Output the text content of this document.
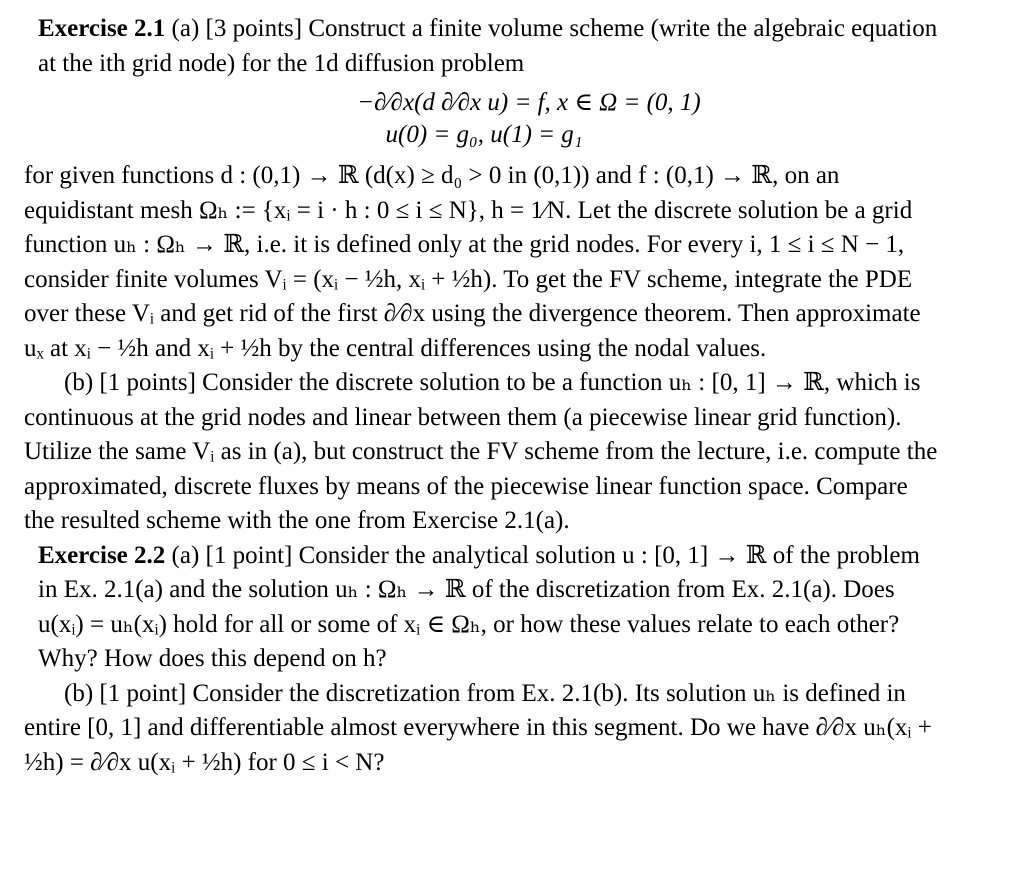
Exercise 2.1 (a) [3 points] Construct a finite volume scheme (write the algebraic equation at the ith grid node) for the 1d diffusion problem

−∂⁄∂x(d ∂⁄∂x u) = f, x ∈ Ω = (0, 1)
u(0) = g₀, u(1) = g₁

for given functions d : (0,1) → ℝ (d(x) ≥ d₀ > 0 in (0,1)) and f : (0,1) → ℝ, on an equidistant mesh Ωₕ := {xᵢ = i · h : 0 ≤ i ≤ N}, h = 1⁄N. Let the discrete solution be a grid function uₕ : Ωₕ → ℝ, i.e. it is defined only at the grid nodes. For every i, 1 ≤ i ≤ N − 1, consider finite volumes Vᵢ = (xᵢ − ½h, xᵢ + ½h). To get the FV scheme, integrate the PDE over these Vᵢ and get rid of the first ∂⁄∂x using the divergence theorem. Then approximate uₓ at xᵢ − ½h and xᵢ + ½h by the central differences using the nodal values.

(b) [1 points] Consider the discrete solution to be a function uₕ : [0, 1] → ℝ, which is continuous at the grid nodes and linear between them (a piecewise linear grid function). Utilize the same Vᵢ as in (a), but construct the FV scheme from the lecture, i.e. compute the approximated, discrete fluxes by means of the piecewise linear function space. Compare the resulted scheme with the one from Exercise 2.1(a).

Exercise 2.2 (a) [1 point] Consider the analytical solution u : [0, 1] → ℝ of the problem in Ex. 2.1(a) and the solution uₕ : Ωₕ → ℝ of the discretization from Ex. 2.1(a). Does u(xᵢ) = uₕ(xᵢ) hold for all or some of xᵢ ∈ Ωₕ, or how these values relate to each other? Why? How does this depend on h?

(b) [1 point] Consider the discretization from Ex. 2.1(b). Its solution uₕ is defined in entire [0, 1] and differentiable almost everywhere in this segment. Do we have ∂⁄∂x uₕ(xᵢ + ½h) = ∂⁄∂x u(xᵢ + ½h) for 0 ≤ i < N?
